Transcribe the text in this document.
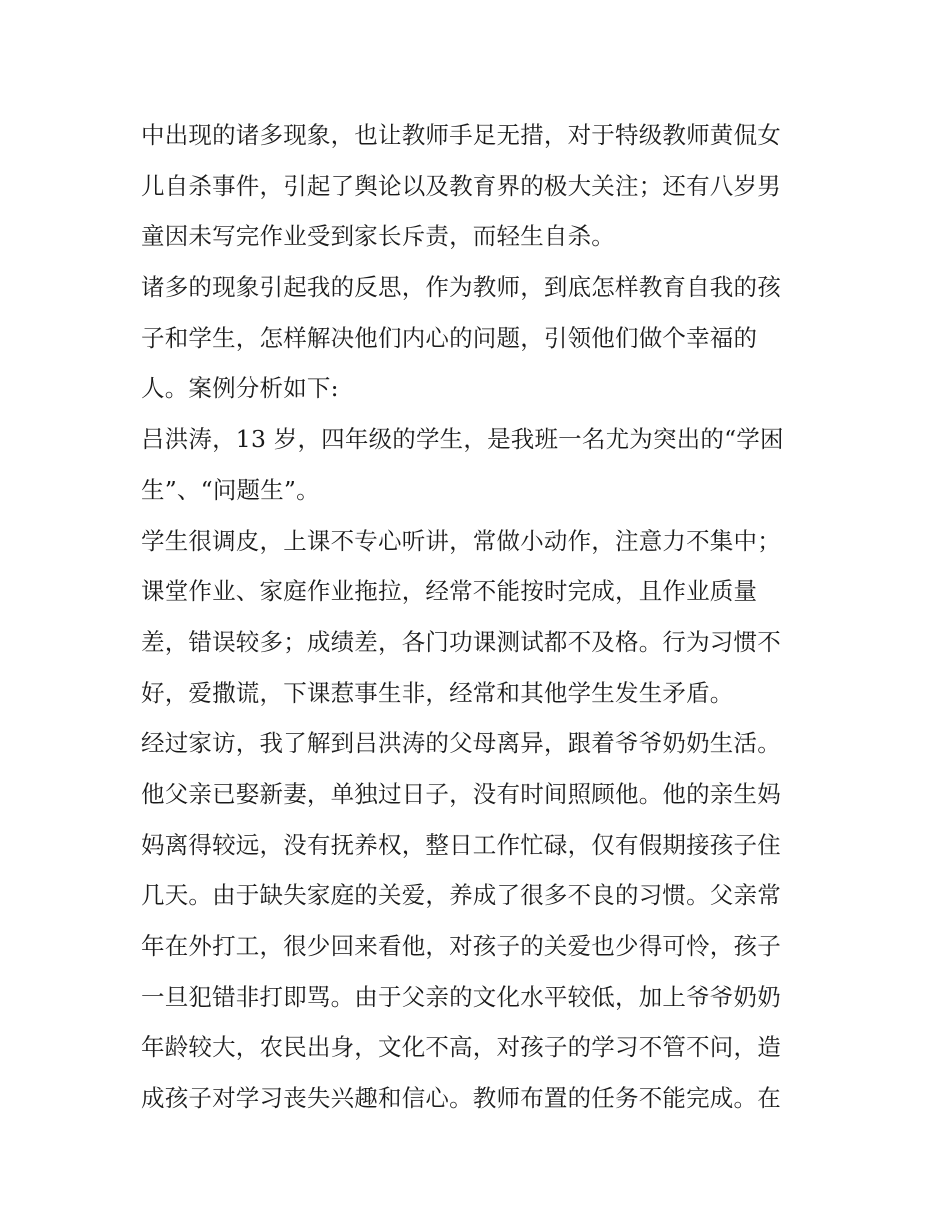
中出现的诸多现象，也让教师手足无措，对于特级教师黄侃女
儿自杀事件，引起了舆论以及教育界的极大关注；还有八岁男
童因未写完作业受到家长斥责，而轻生自杀。
诸多的现象引起我的反思，作为教师，到底怎样教育自我的孩
子和学生，怎样解决他们内心的问题，引领他们做个幸福的
人。案例分析如下:
吕洪涛，13 岁，四年级的学生，是我班一名尤为突出的“学困
生”、“问题生”。
学生很调皮，上课不专心听讲，常做小动作，注意力不集中；
课堂作业、家庭作业拖拉，经常不能按时完成，且作业质量
差，错误较多；成绩差，各门功课测试都不及格。行为习惯不
好，爱撒谎，下课惹事生非，经常和其他学生发生矛盾。
经过家访，我了解到吕洪涛的父母离异，跟着爷爷奶奶生活。
他父亲已娶新妻，单独过日子，没有时间照顾他。他的亲生妈
妈离得较远，没有抚养权，整日工作忙碌，仅有假期接孩子住
几天。由于缺失家庭的关爱，养成了很多不良的习惯。父亲常
年在外打工，很少回来看他，对孩子的关爱也少得可怜，孩子
一旦犯错非打即骂。由于父亲的文化水平较低，加上爷爷奶奶
年龄较大，农民出身，文化不高，对孩子的学习不管不问，造
成孩子对学习丧失兴趣和信心。教师布置的任务不能完成。在
